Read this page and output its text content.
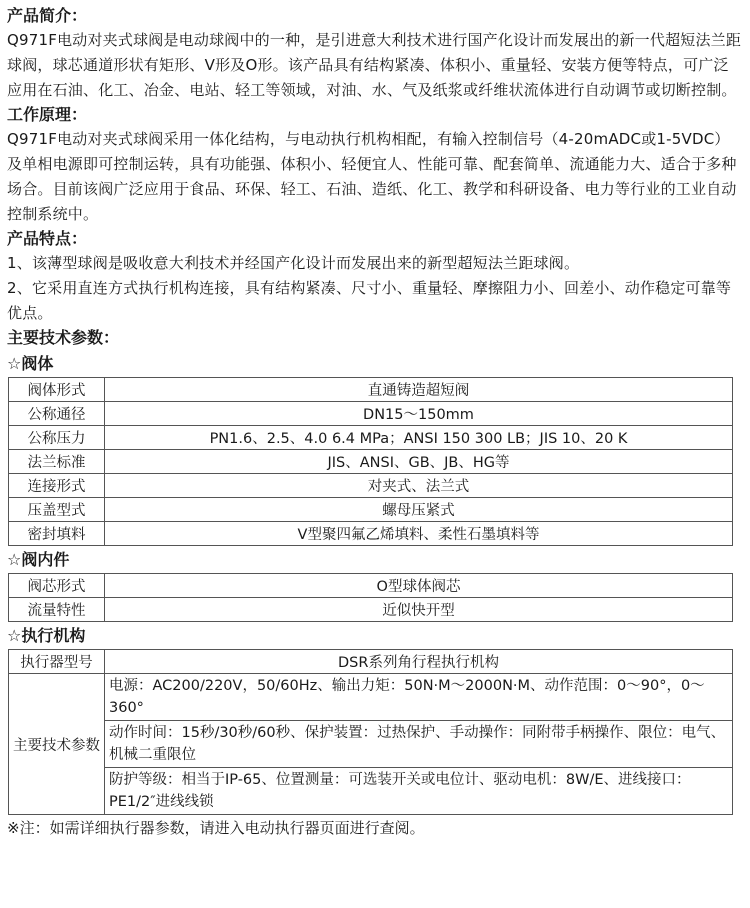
产品简介：

Q971F电动对夹式球阀是电动球阀中的一种，是引进意大利技术进行国产化设计而发展出的新一代超短法兰距球阀，球芯通道形状有矩形、V形及O形。该产品具有结构紧凑、体积小、重量轻、安装方便等特点，可广泛应用在石油、化工、冶金、电站、轻工等领域，对油、水、气及纸浆或纤维状流体进行自动调节或切断控制。

工作原理：

Q971F电动对夹式球阀采用一体化结构，与电动执行机构相配，有输入控制信号（4-20mADC或1-5VDC）及单相电源即可控制运转，具有功能强、体积小、轻便宜人、性能可靠、配套简单、流通能力大、适合于多种场合。目前该阀广泛应用于食品、环保、轻工、石油、造纸、化工、教学和科研设备、电力等行业的工业自动控制系统中。

产品特点：

1、该薄型球阀是吸收意大利技术并经国产化设计而发展出来的新型超短法兰距球阀。

2、它采用直连方式执行机构连接，具有结构紧凑、尺寸小、重量轻、摩擦阻力小、回差小、动作稳定可靠等优点。

主要技术参数：

☆阀体

阀体形式	直通铸造超短阀
公称通径	DN15～150mm
公称压力	PN1.6、2.5、4.0 6.4 MPa；ANSI 150 300 LB；JIS 10、20 K
法兰标准	JIS、ANSI、GB、JB、HG等
连接形式	对夹式、法兰式
压盖型式	螺母压紧式
密封填料	V型聚四氟乙烯填料、柔性石墨填料等

☆阀内件

阀芯形式	O型球体阀芯
流量特性	近似快开型

☆执行机构

执行器型号	DSR系列角行程执行机构
主要技术参数	电源：AC200/220V，50/60Hz、输出力矩：50N·M～2000N·M、动作范围：0～90°，0～360°
	动作时间：15秒/30秒/60秒、保护装置：过热保护、手动操作：同附带手柄操作、限位：电气、机械二重限位
	防护等级：相当于IP-65、位置测量：可选装开关或电位计、驱动电机：8W/E、进线接口：PE1/2″进线线锁

※注：如需详细执行器参数，请进入电动执行器页面进行查阅。
